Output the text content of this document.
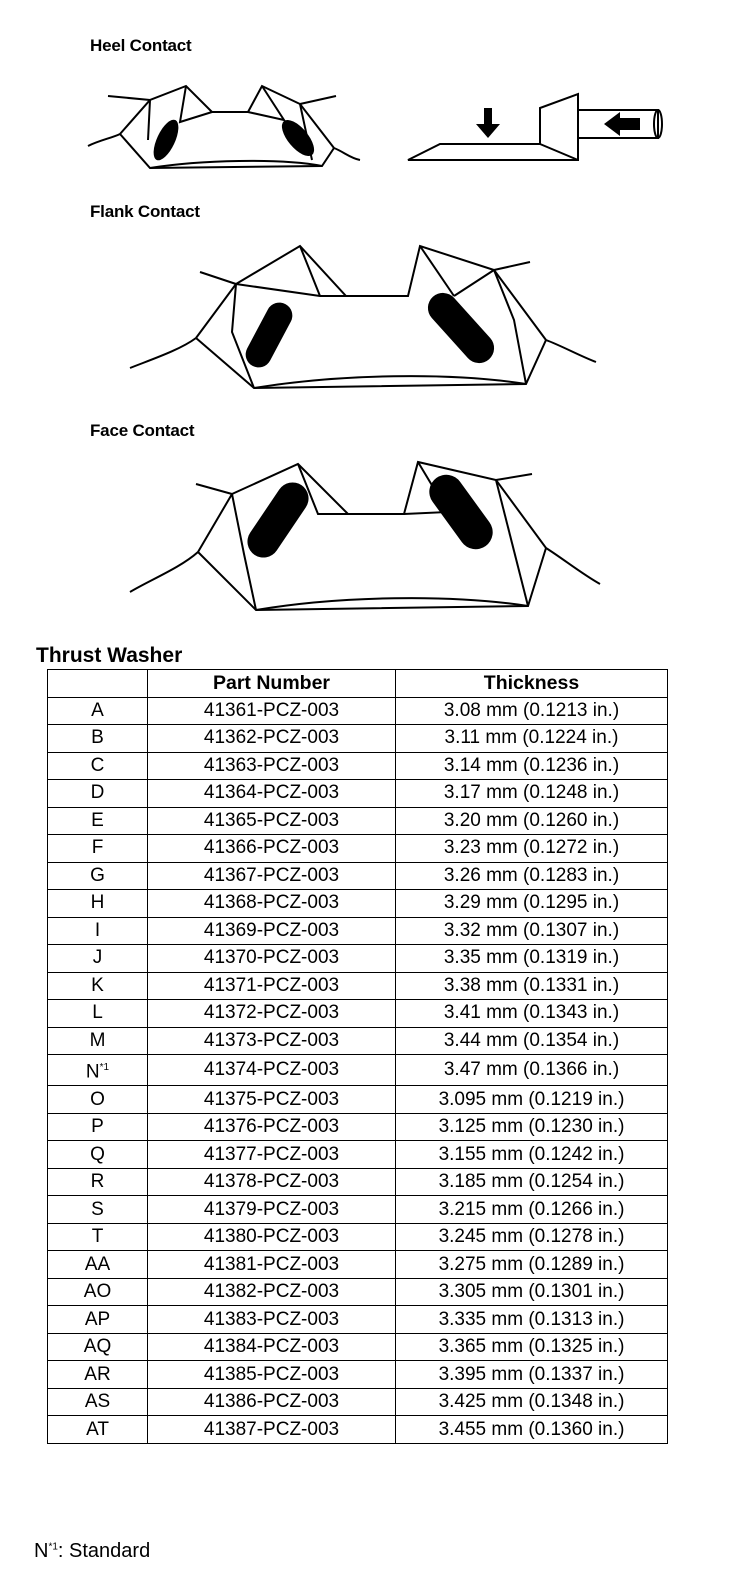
Heel Contact
Flank Contact
Face Contact
Thrust Washer
	Part Number	Thickness
A	41361-PCZ-003	3.08 mm (0.1213 in.)
B	41362-PCZ-003	3.11 mm (0.1224 in.)
C	41363-PCZ-003	3.14 mm (0.1236 in.)
D	41364-PCZ-003	3.17 mm (0.1248 in.)
E	41365-PCZ-003	3.20 mm (0.1260 in.)
F	41366-PCZ-003	3.23 mm (0.1272 in.)
G	41367-PCZ-003	3.26 mm (0.1283 in.)
H	41368-PCZ-003	3.29 mm (0.1295 in.)
I	41369-PCZ-003	3.32 mm (0.1307 in.)
J	41370-PCZ-003	3.35 mm (0.1319 in.)
K	41371-PCZ-003	3.38 mm (0.1331 in.)
L	41372-PCZ-003	3.41 mm (0.1343 in.)
M	41373-PCZ-003	3.44 mm (0.1354 in.)
$N^{*1}$	41374-PCZ-003	3.47 mm (0.1366 in.)
O	41375-PCZ-003	3.095 mm (0.1219 in.)
P	41376-PCZ-003	3.125 mm (0.1230 in.)
Q	41377-PCZ-003	3.155 mm (0.1242 in.)
R	41378-PCZ-003	3.185 mm (0.1254 in.)
S	41379-PCZ-003	3.215 mm (0.1266 in.)
T	41380-PCZ-003	3.245 mm (0.1278 in.)
AA	41381-PCZ-003	3.275 mm (0.1289 in.)
AO	41382-PCZ-003	3.305 mm (0.1301 in.)
AP	41383-PCZ-003	3.335 mm (0.1313 in.)
AQ	41384-PCZ-003	3.365 mm (0.1325 in.)
AR	41385-PCZ-003	3.395 mm (0.1337 in.)
AS	41386-PCZ-003	3.425 mm (0.1348 in.)
AT	41387-PCZ-003	3.455 mm (0.1360 in.)
$N^{*1}$: Standard
